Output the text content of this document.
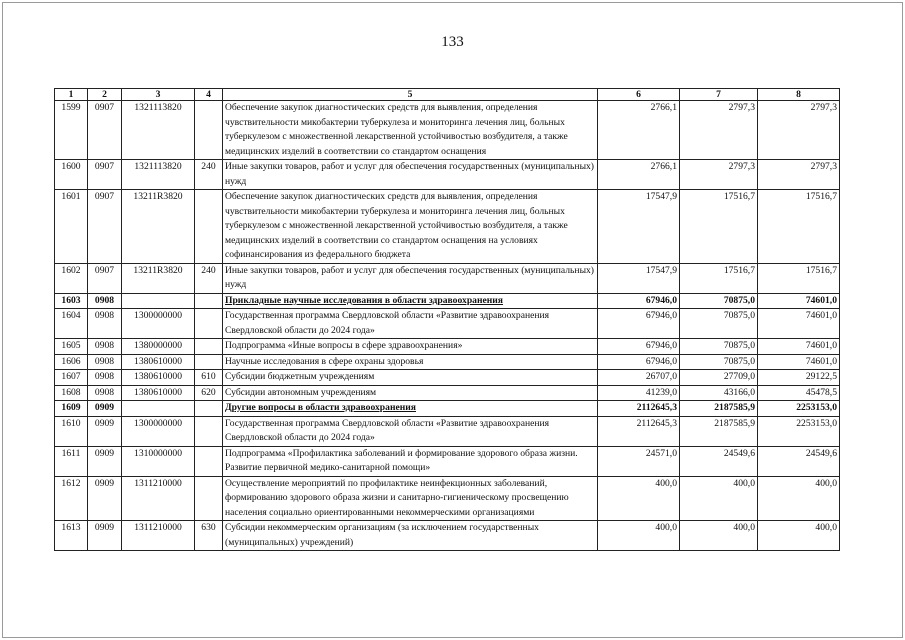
133
1	2	3	4	5	6	7	8
1599	0907	1321113820		Обеспечение закупок диагностических средств для выявления, определения чувствительности микобактерии туберкулеза и мониторинга лечения лиц, больных туберкулезом с множественной лекарственной устойчивостью возбудителя, а также медицинских изделий в соответствии со стандартом оснащения	2766,1	2797,3	2797,3
1600	0907	1321113820	240	Иные закупки товаров, работ и услуг для обеспечения государственных (муниципальных) нужд	2766,1	2797,3	2797,3
1601	0907	13211R3820		Обеспечение закупок диагностических средств для выявления, определения чувствительности микобактерии туберкулеза и мониторинга лечения лиц, больных туберкулезом с множественной лекарственной устойчивостью возбудителя, а также медицинских изделий в соответствии со стандартом оснащения на условиях софинансирования из федерального бюджета	17547,9	17516,7	17516,7
1602	0907	13211R3820	240	Иные закупки товаров, работ и услуг для обеспечения государственных (муниципальных) нужд	17547,9	17516,7	17516,7
1603	0908			Прикладные научные исследования в области здравоохранения	67946,0	70875,0	74601,0
1604	0908	1300000000		Государственная программа Свердловской области «Развитие здравоохранения Свердловской области до 2024 года»	67946,0	70875,0	74601,0
1605	0908	1380000000		Подпрограмма «Иные вопросы в сфере здравоохранения»	67946,0	70875,0	74601,0
1606	0908	1380610000		Научные исследования в сфере охраны здоровья	67946,0	70875,0	74601,0
1607	0908	1380610000	610	Субсидии бюджетным учреждениям	26707,0	27709,0	29122,5
1608	0908	1380610000	620	Субсидии автономным учреждениям	41239,0	43166,0	45478,5
1609	0909			Другие вопросы в области здравоохранения	2112645,3	2187585,9	2253153,0
1610	0909	1300000000		Государственная программа Свердловской области «Развитие здравоохранения Свердловской области до 2024 года»	2112645,3	2187585,9	2253153,0
1611	0909	1310000000		Подпрограмма «Профилактика заболеваний и формирование здорового образа жизни. Развитие первичной медико-санитарной помощи»	24571,0	24549,6	24549,6
1612	0909	1311210000		Осуществление мероприятий по профилактике неинфекционных заболеваний, формированию здорового образа жизни и санитарно-гигиеническому просвещению населения социально ориентированными некоммерческими организациями	400,0	400,0	400,0
1613	0909	1311210000	630	Субсидии некоммерческим организациям (за исключением государственных (муниципальных) учреждений)	400,0	400,0	400,0
